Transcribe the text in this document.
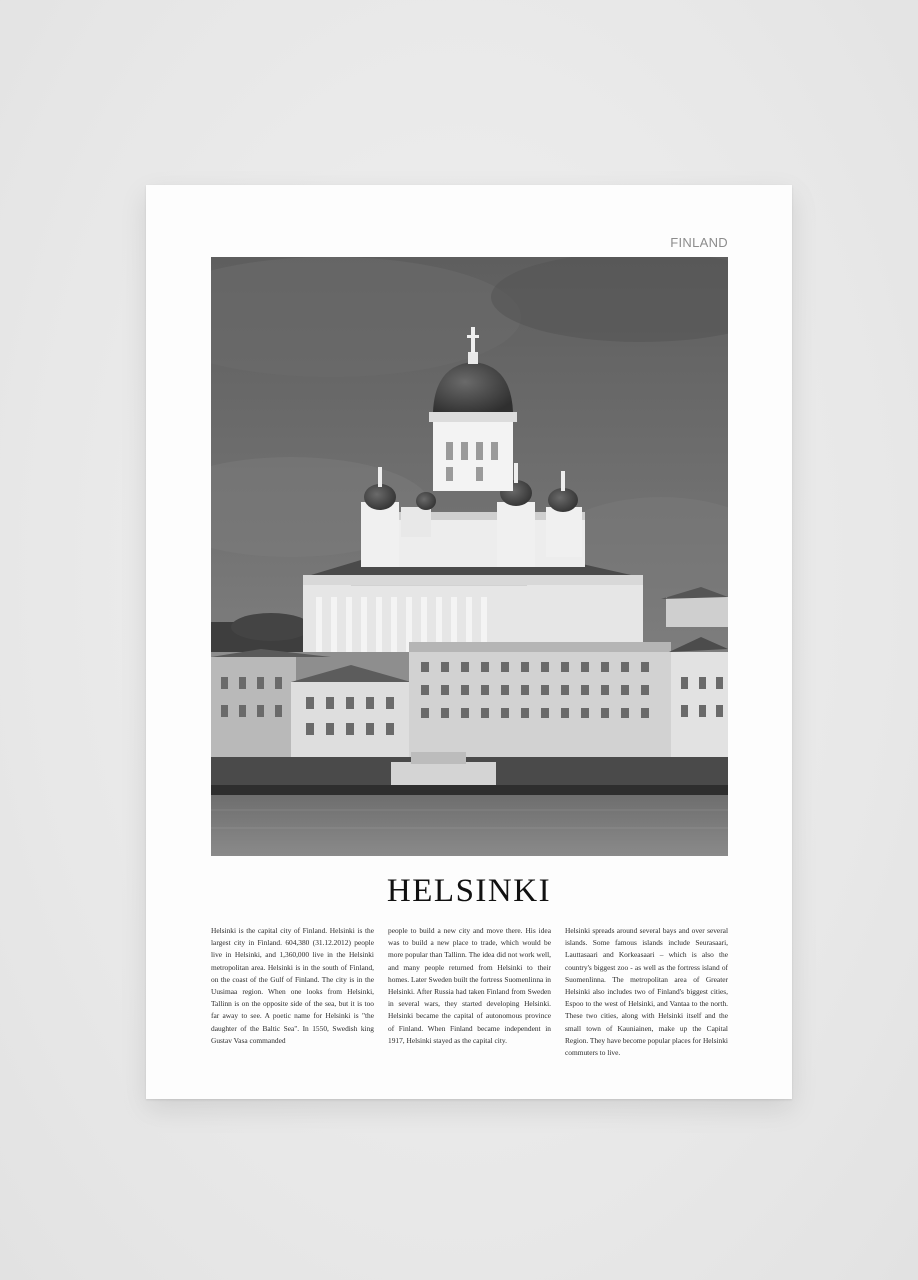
FINLAND
HELSINKI
Helsinki is the capital city of Finland. Helsinki is the largest city in Finland. 604,380 (31.12.2012) people live in Helsinki, and 1,360,000 live in the Helsinki metropolitan area. Helsinki is in the south of Finland, on the coast of the Gulf of Finland. The city is in the Uusimaa region. When one looks from Helsinki, Tallinn is on the opposite side of the sea, but it is too far away to see. A poetic name for Helsinki is "the daughter of the Baltic Sea". In 1550, Swedish king Gustav Vasa commanded
people to build a new city and move there. His idea was to build a new place to trade, which would be more popular than Tallinn. The idea did not work well, and many people returned from Helsinki to their homes. Later Sweden built the fortress Suomenlinna in Helsinki. After Russia had taken Finland from Sweden in several wars, they started developing Helsinki. Helsinki became the capital of autonomous province of Finland. When Finland became independent in 1917, Helsinki stayed as the capital city.
Helsinki spreads around several bays and over several islands. Some famous islands include Seurasaari, Lauttasaari and Korkeasaari – which is also the country's biggest zoo - as well as the fortress island of Suomenlinna. The metropolitan area of Greater Helsinki also includes two of Finland's biggest cities, Espoo to the west of Helsinki, and Vantaa to the north. These two cities, along with Helsinki itself and the small town of Kauniainen, make up the Capital Region. They have become popular places for Helsinki commuters to live.
